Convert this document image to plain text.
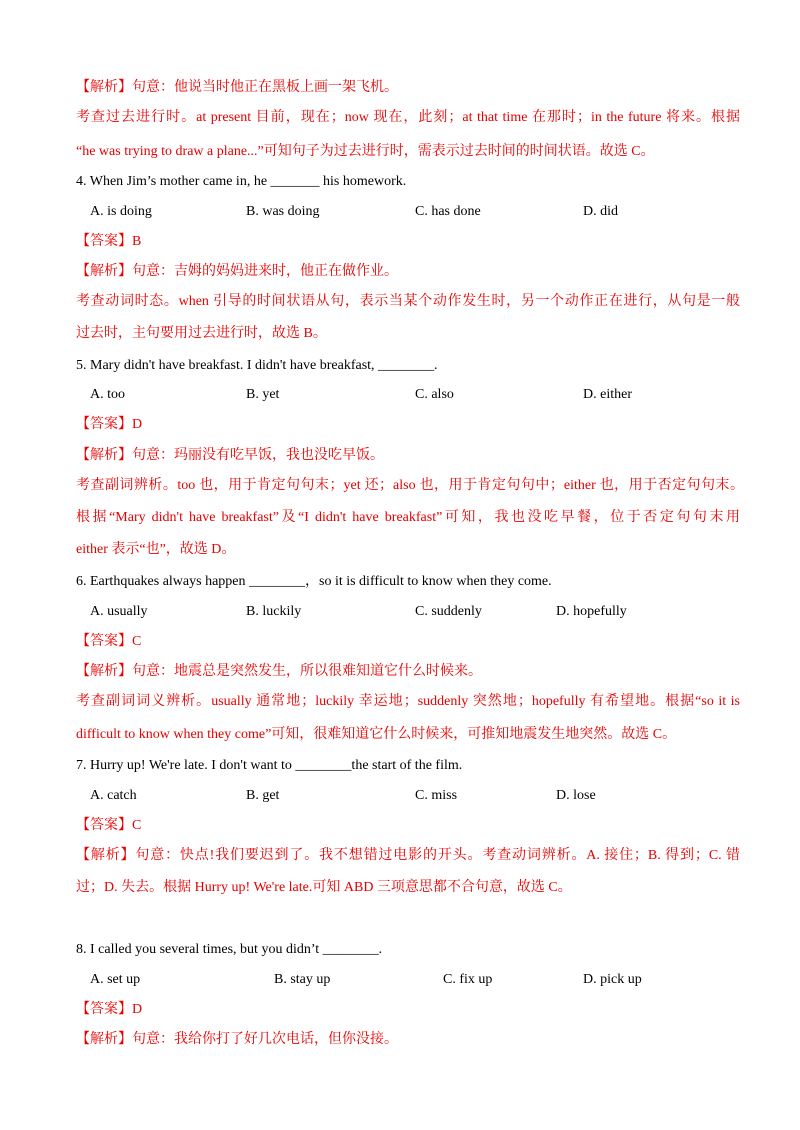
【解析】句意：他说当时他正在黑板上画一架飞机。
考查过去进行时。at present 目前，现在；now 现在，此刻；at that time 在那时；in the future 将来。根据
“he was trying to draw a plane...”可知句子为过去进行时，需表示过去时间的时间状语。故选 C。
4. When Jim’s mother came in, he _______ his homework.
A. is doing	B. was doing	C. has done	D. did
【答案】B
【解析】句意：吉姆的妈妈进来时，他正在做作业。
考查动词时态。when 引导的时间状语从句，表示当某个动作发生时，另一个动作正在进行，从句是一般
过去时，主句要用过去进行时，故选 B。
5. Mary didn't have breakfast. I didn't have breakfast, ________.
A. too	B. yet	C. also	D. either
【答案】D
【解析】句意：玛丽没有吃早饭，我也没吃早饭。
考查副词辨析。too 也，用于肯定句句末；yet 还；also 也，用于肯定句句中；either 也，用于否定句句末。
根据“Mary didn't have breakfast”及“I didn't have breakfast”可知，我也没吃早餐，位于否定句句末用
either 表示“也”，故选 D。
6. Earthquakes always happen ________，so it is difficult to know when they come.
A. usually	B. luckily	C. suddenly	D. hopefully
【答案】C
【解析】句意：地震总是突然发生，所以很难知道它什么时候来。
考查副词词义辨析。usually 通常地；luckily 幸运地；suddenly 突然地；hopefully 有希望地。根据“so it is
difficult to know when they come”可知，很难知道它什么时候来，可推知地震发生地突然。故选 C。
7. Hurry up! We're late. I don't want to ________the start of the film.
A. catch	B. get	C. miss	D. lose
【答案】C
【解析】句意：快点!我们要迟到了。我不想错过电影的开头。考查动词辨析。A. 接住；B. 得到；C. 错
过；D. 失去。根据 Hurry up! We're late.可知 ABD 三项意思都不合句意，故选 C。
8. I called you several times, but you didn’t ________.
A. set up	B. stay up	C. fix up	D. pick up
【答案】D
【解析】句意：我给你打了好几次电话，但你没接。
